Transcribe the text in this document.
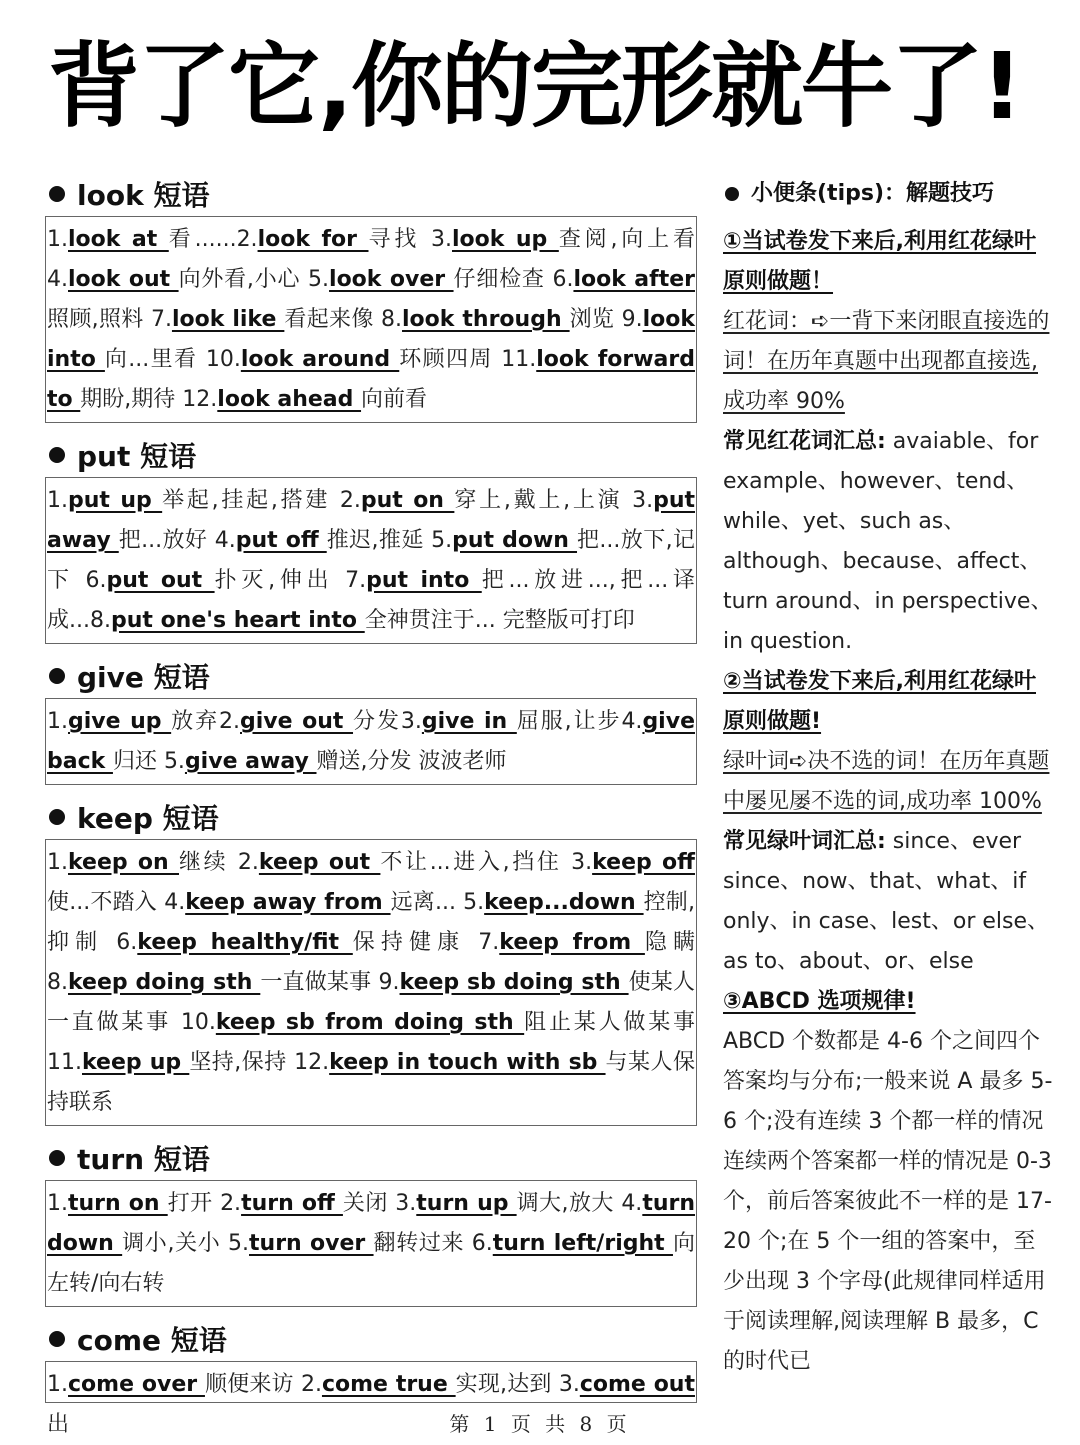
背了它,你的完形就牛了!
look 短语
1.look at 看......2.look for 寻找 3.look up 查阅,向上看 4.look out 向外看,小心 5.look over 仔细检查 6.look after 照顾,照料 7.look like 看起来像 8.look through 浏览 9.look into 向...里看 10.look around 环顾四周 11.look forward to 期盼,期待 12.look ahead 向前看
put 短语
1.put up 举起,挂起,搭建 2.put on 穿上,戴上,上演 3.put away 把...放好 4.put off 推迟,推延 5.put down 把...放下,记下 6.put out 扑灭,伸出 7.put into 把...放进...,把...译成...8.put one's heart into 全神贯注于... 完整版可打印
give 短语
1.give up 放弃2.give out 分发3.give in 屈服,让步4.give back 归还 5.give away 赠送,分发 波波老师
keep 短语
1.keep on 继续 2.keep out 不让...进入,挡住 3.keep off 使...不踏入 4.keep away from 远离... 5.keep...down 控制,抑制 6.keep healthy/fit 保持健康 7.keep from 隐瞒 8.keep doing sth 一直做某事 9.keep sb doing sth 使某人一直做某事 10.keep sb from doing sth 阻止某人做某事 11.keep up 坚持,保持 12.keep in touch with sb 与某人保持联系
turn 短语
1.turn on 打开 2.turn off 关闭 3.turn up 调大,放大 4.turn down 调小,关小 5.turn over 翻转过来 6.turn left/right 向左转/向右转
come 短语
1.come over 顺便来访 2.come true 实现,达到 3.come out 出
小便条(tips)：解题技巧
①当试卷发下来后,利用红花绿叶原则做题！
红花词：➪一背下来闭眼直接选的词！在历年真题中出现都直接选,成功率 90%
常见红花词汇总: avaiable、for example、however、tend、while、yet、such as、although、because、affect、turn around、in perspective、in question.
②当试卷发下来后,利用红花绿叶原则做题!
绿叶词➪决不选的词！在历年真题中屡见屡不选的词,成功率 100%
常见绿叶词汇总: since、ever since、now、that、what、if only、in case、lest、or else、as to、about、or、else
③ABCD 选项规律!
ABCD 个数都是 4-6 个之间四个答案均与分布;一般来说 A 最多 5-6 个;没有连续 3 个都一样的情况连续两个答案都一样的情况是 0-3 个，前后答案彼此不一样的是 17-20 个;在 5 个一组的答案中，至少出现 3 个字母(此规律同样适用于阅读理解,阅读理解 B 最多，C 的时代已
第 1 页 共 8 页
